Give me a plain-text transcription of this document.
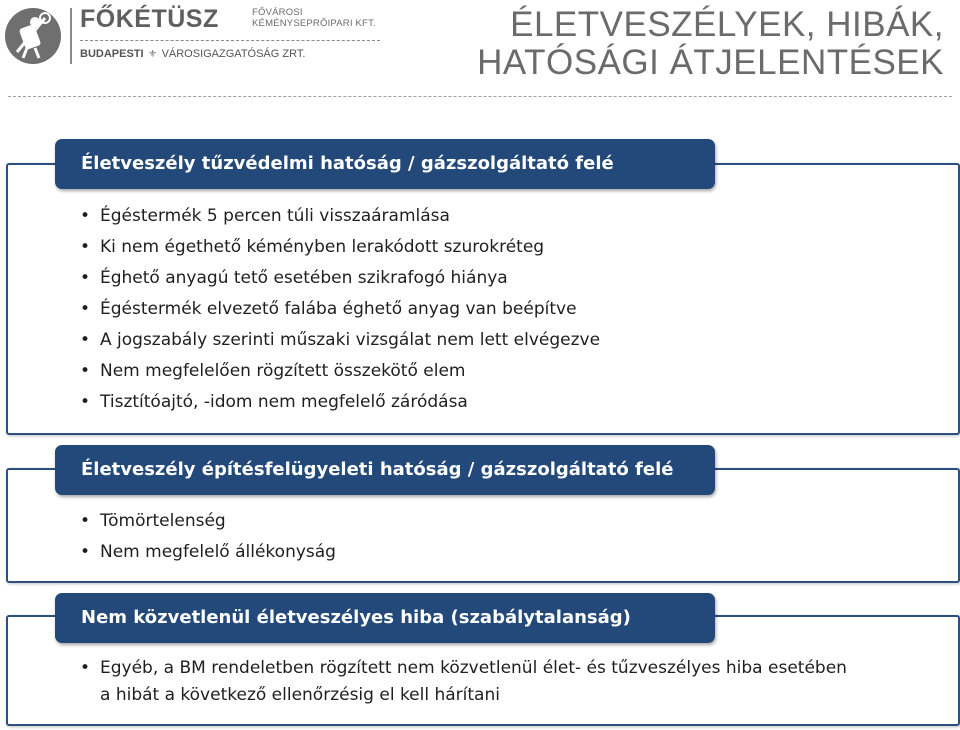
FŐKÉTÜSZ	FŐVÁROSI
KÉMÉNYSEPRŐIPARI KFT.
BUDAPESTI ⚜ VÁROSIGAZGATÓSÁG ZRT.
ÉLETVESZÉLYEK, HIBÁK,
HATÓSÁGI ÁTJELENTÉSEK
Életveszély tűzvédelmi hatóság / gázszolgáltató felé
• Égéstermék 5 percen túli visszaáramlása
• Ki nem égethető kéményben lerakódott szurokréteg
• Éghető anyagú tető esetében szikrafogó hiánya
• Égéstermék elvezető falába éghető anyag van beépítve
• A jogszabály szerinti műszaki vizsgálat nem lett elvégezve
• Nem megfelelően rögzített összekötő elem
• Tisztítóajtó, -idom nem megfelelő záródása
Életveszély építésfelügyeleti hatóság / gázszolgáltató felé
• Tömörtelenség
• Nem megfelelő állékonyság
Nem közvetlenül életveszélyes hiba (szabálytalanság)
• Egyéb, a BM rendeletben rögzített nem közvetlenül élet- és tűzveszélyes hiba esetében a hibát a következő ellenőrzésig el kell hárítani
